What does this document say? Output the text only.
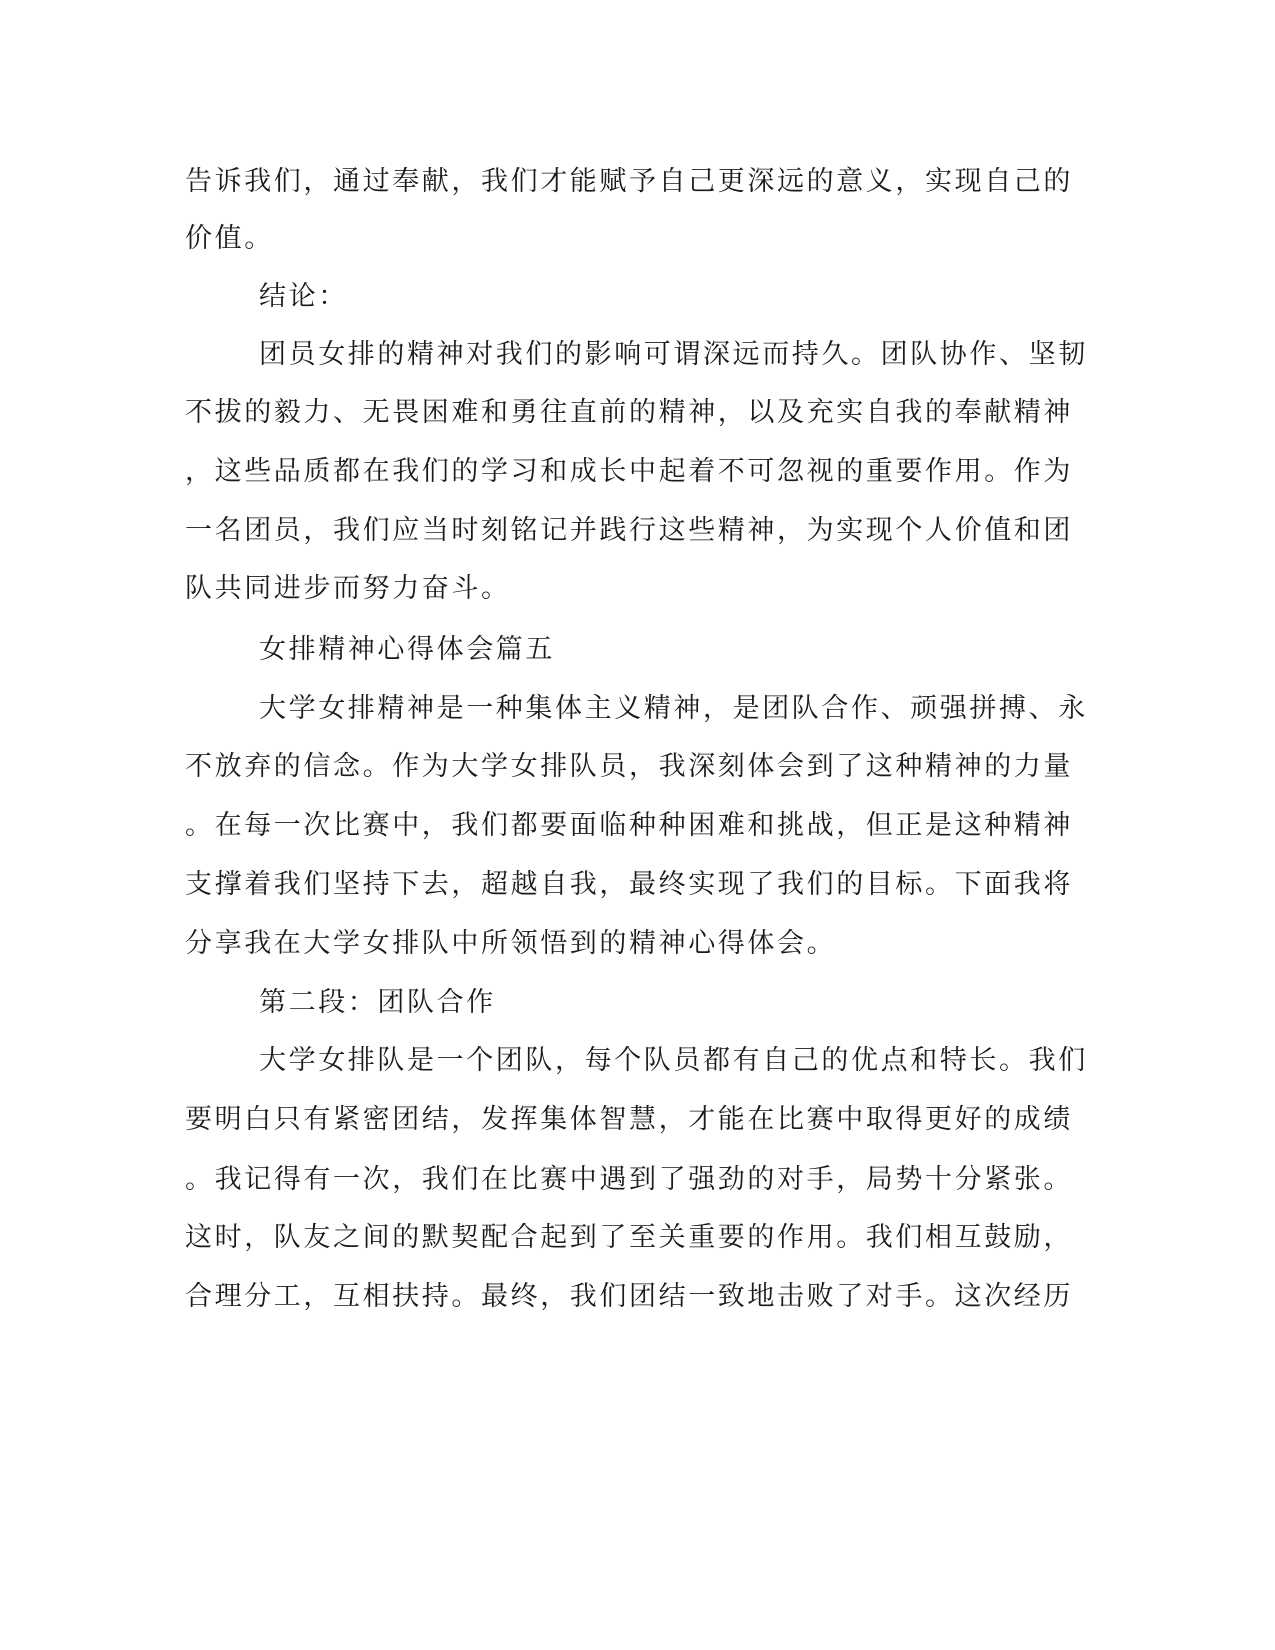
告诉我们，通过奉献，我们才能赋予自己更深远的意义，实现自己的
价值。
结论：
团员女排的精神对我们的影响可谓深远而持久。团队协作、坚韧
不拔的毅力、无畏困难和勇往直前的精神，以及充实自我的奉献精神
，这些品质都在我们的学习和成长中起着不可忽视的重要作用。作为
一名团员，我们应当时刻铭记并践行这些精神，为实现个人价值和团
队共同进步而努力奋斗。
女排精神心得体会篇五
大学女排精神是一种集体主义精神，是团队合作、顽强拼搏、永
不放弃的信念。作为大学女排队员，我深刻体会到了这种精神的力量
。在每一次比赛中，我们都要面临种种困难和挑战，但正是这种精神
支撑着我们坚持下去，超越自我，最终实现了我们的目标。下面我将
分享我在大学女排队中所领悟到的精神心得体会。
第二段：团队合作
大学女排队是一个团队，每个队员都有自己的优点和特长。我们
要明白只有紧密团结，发挥集体智慧，才能在比赛中取得更好的成绩
。我记得有一次，我们在比赛中遇到了强劲的对手，局势十分紧张。
这时，队友之间的默契配合起到了至关重要的作用。我们相互鼓励，
合理分工，互相扶持。最终，我们团结一致地击败了对手。这次经历
